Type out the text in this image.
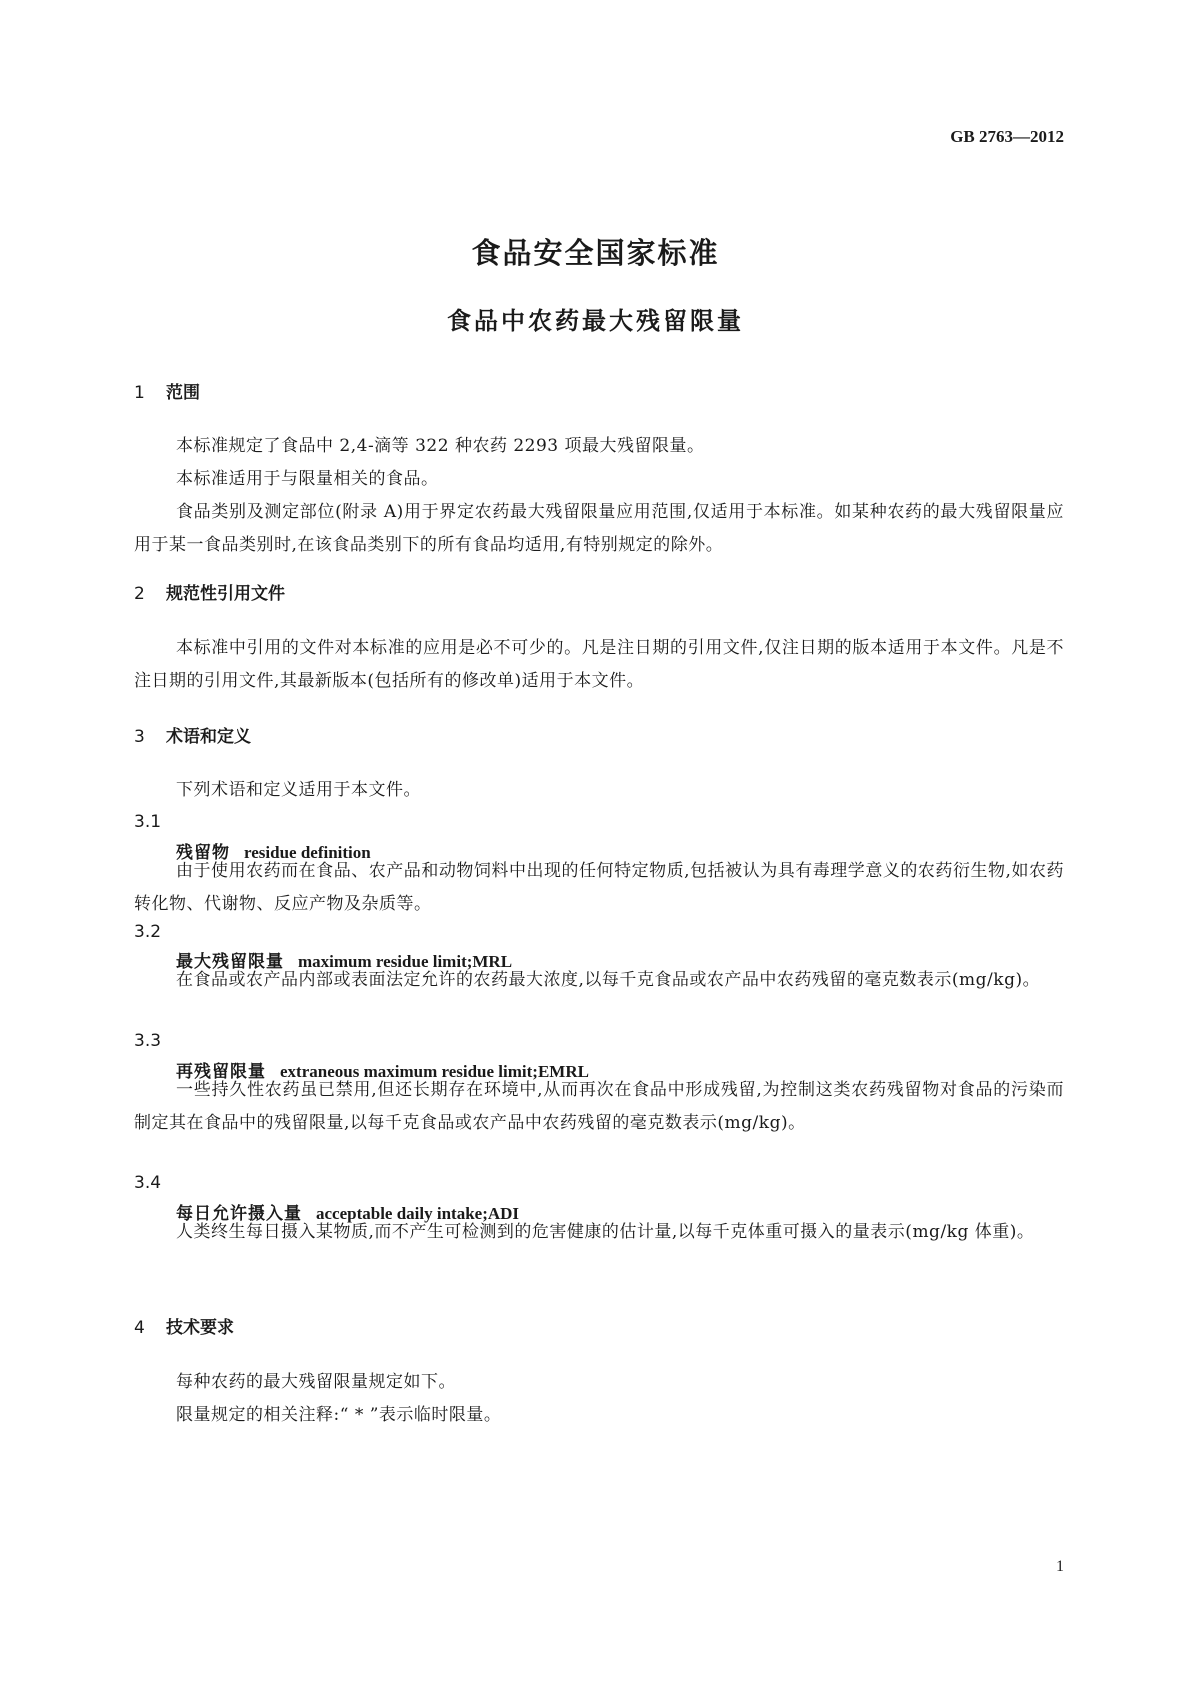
GB 2763—2012
食品安全国家标准
食品中农药最大残留限量
1 范围
本标准规定了食品中 2,4-滴等 322 种农药 2293 项最大残留限量。
本标准适用于与限量相关的食品。
食品类别及测定部位(附录 A)用于界定农药最大残留限量应用范围,仅适用于本标准。如某种农药的最大残留限量应用于某一食品类别时,在该食品类别下的所有食品均适用,有特别规定的除外。
2 规范性引用文件
本标准中引用的文件对本标准的应用是必不可少的。凡是注日期的引用文件,仅注日期的版本适用于本文件。凡是不注日期的引用文件,其最新版本(包括所有的修改单)适用于本文件。
3 术语和定义
下列术语和定义适用于本文件。
3.1
残留物 residue definition
由于使用农药而在食品、农产品和动物饲料中出现的任何特定物质,包括被认为具有毒理学意义的农药衍生物,如农药转化物、代谢物、反应产物及杂质等。
3.2
最大残留限量 maximum residue limit;MRL
在食品或农产品内部或表面法定允许的农药最大浓度,以每千克食品或农产品中农药残留的毫克数表示(mg/kg)。
3.3
再残留限量 extraneous maximum residue limit;EMRL
一些持久性农药虽已禁用,但还长期存在环境中,从而再次在食品中形成残留,为控制这类农药残留物对食品的污染而制定其在食品中的残留限量,以每千克食品或农产品中农药残留的毫克数表示(mg/kg)。
3.4
每日允许摄入量 acceptable daily intake;ADI
人类终生每日摄入某物质,而不产生可检测到的危害健康的估计量,以每千克体重可摄入的量表示(mg/kg 体重)。
4 技术要求
每种农药的最大残留限量规定如下。
限量规定的相关注释:“ * ”表示临时限量。
1
